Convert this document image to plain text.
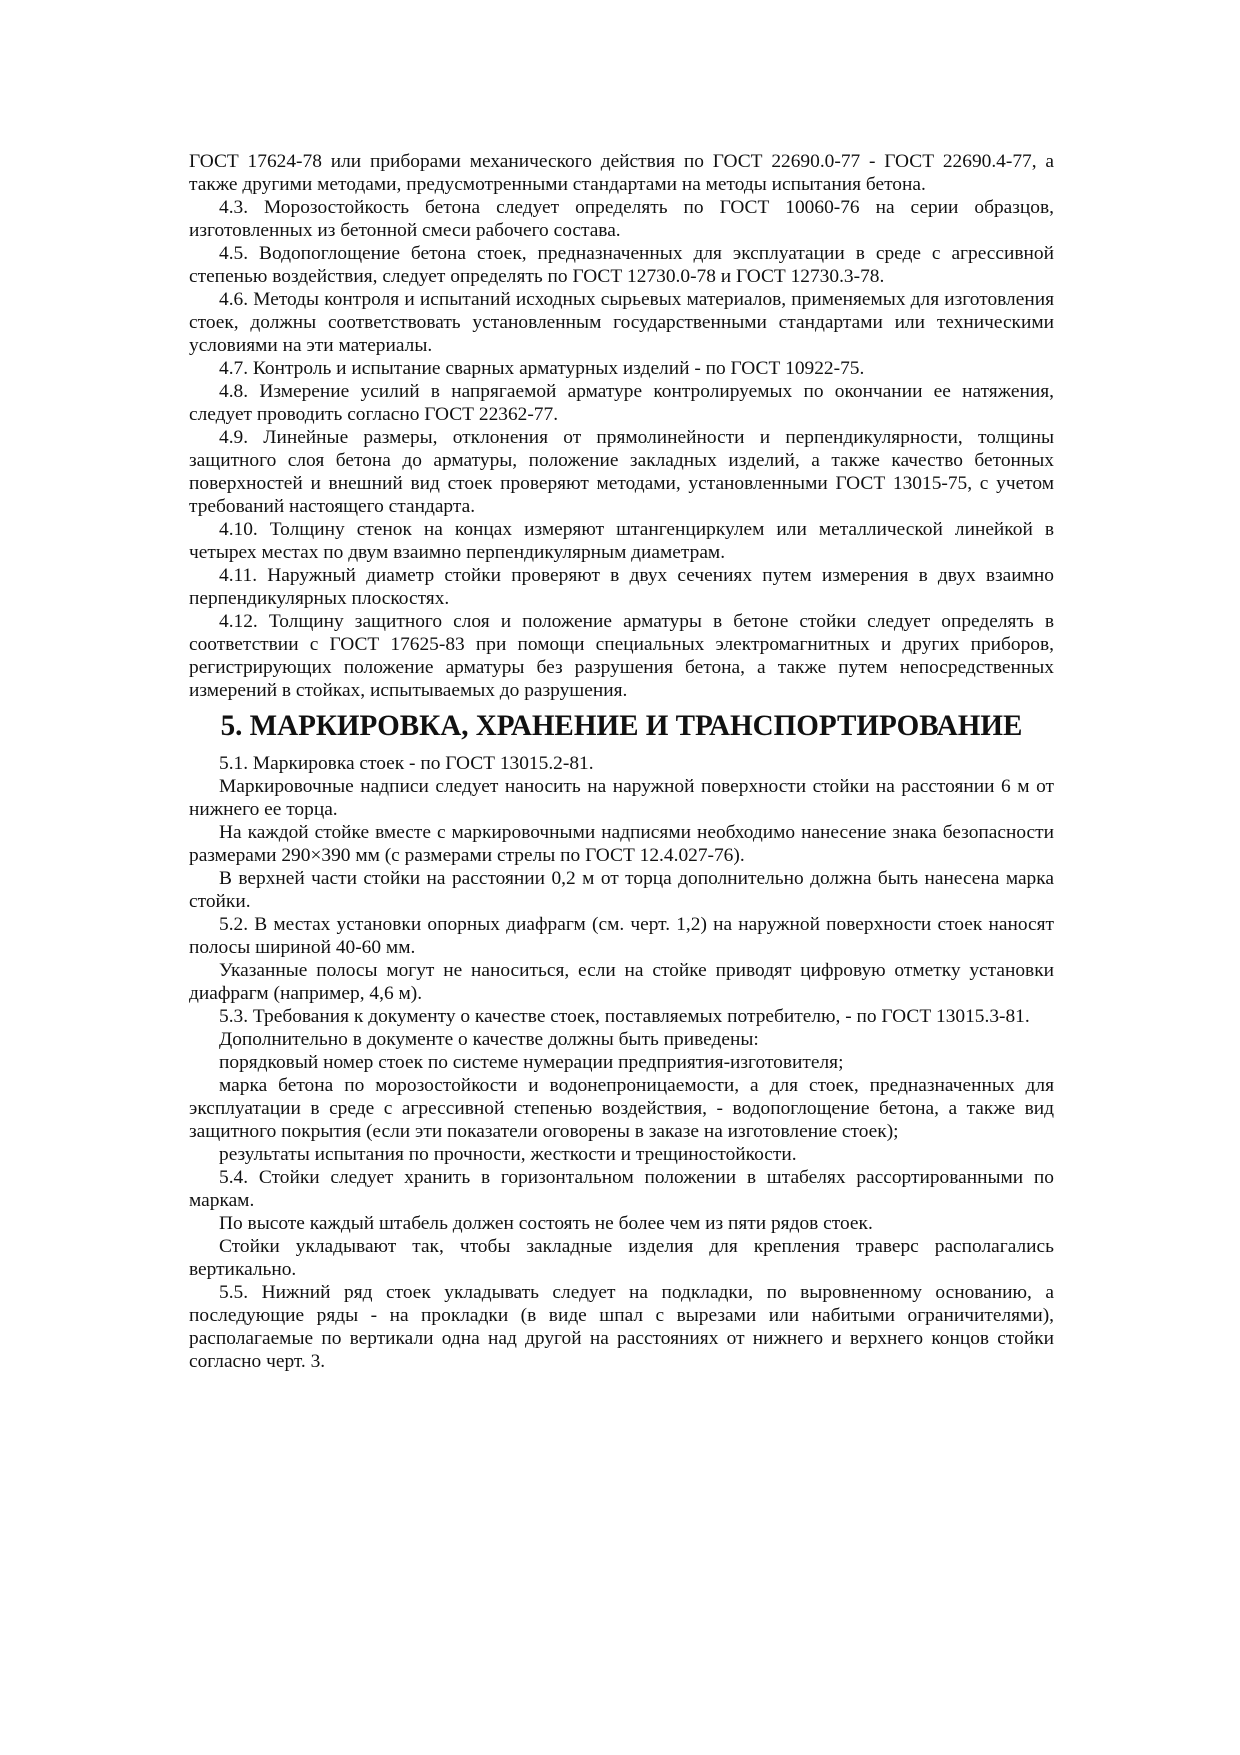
ГОСТ 17624-78 или приборами механического действия по ГОСТ 22690.0-77 - ГОСТ 22690.4-77, а также другими методами, предусмотренными стандартами на методы испытания бетона.

4.3. Морозостойкость бетона следует определять по ГОСТ 10060-76 на серии образцов, изготовленных из бетонной смеси рабочего состава.

4.5. Водопоглощение бетона стоек, предназначенных для эксплуатации в среде с агрессивной степенью воздействия, следует определять по ГОСТ 12730.0-78 и ГОСТ 12730.3-78.

4.6. Методы контроля и испытаний исходных сырьевых материалов, применяемых для изготовления стоек, должны соответствовать установленным государственными стандартами или техническими условиями на эти материалы.

4.7. Контроль и испытание сварных арматурных изделий - по ГОСТ 10922-75.

4.8. Измерение усилий в напрягаемой арматуре контролируемых по окончании ее натяжения, следует проводить согласно ГОСТ 22362-77.

4.9. Линейные размеры, отклонения от прямолинейности и перпендикулярности, толщины защитного слоя бетона до арматуры, положение закладных изделий, а также качество бетонных поверхностей и внешний вид стоек проверяют методами, установленными ГОСТ 13015-75, с учетом требований настоящего стандарта.

4.10. Толщину стенок на концах измеряют штангенциркулем или металлической линейкой в четырех местах по двум взаимно перпендикулярным диаметрам.

4.11. Наружный диаметр стойки проверяют в двух сечениях путем измерения в двух взаимно перпендикулярных плоскостях.

4.12. Толщину защитного слоя и положение арматуры в бетоне стойки следует определять в соответствии с ГОСТ 17625-83 при помощи специальных электромагнитных и других приборов, регистрирующих положение арматуры без разрушения бетона, а также путем непосредственных измерений в стойках, испытываемых до разрушения.

5. МАРКИРОВКА, ХРАНЕНИЕ И ТРАНСПОРТИРОВАНИЕ

5.1. Маркировка стоек - по ГОСТ 13015.2-81.

Маркировочные надписи следует наносить на наружной поверхности стойки на расстоянии 6 м от нижнего ее торца.

На каждой стойке вместе с маркировочными надписями необходимо нанесение знака безопасности размерами 290×390 мм (с размерами стрелы по ГОСТ 12.4.027-76).

В верхней части стойки на расстоянии 0,2 м от торца дополнительно должна быть нанесена марка стойки.

5.2. В местах установки опорных диафрагм (см. черт. 1,2) на наружной поверхности стоек наносят полосы шириной 40-60 мм.

Указанные полосы могут не наноситься, если на стойке приводят цифровую отметку установки диафрагм (например, 4,6 м).

5.3. Требования к документу о качестве стоек, поставляемых потребителю, - по ГОСТ 13015.3-81.

Дополнительно в документе о качестве должны быть приведены:

порядковый номер стоек по системе нумерации предприятия-изготовителя;

марка бетона по морозостойкости и водонепроницаемости, а для стоек, предназначенных для эксплуатации в среде с агрессивной степенью воздействия, - водопоглощение бетона, а также вид защитного покрытия (если эти показатели оговорены в заказе на изготовление стоек);

результаты испытания по прочности, жесткости и трещиностойкости.

5.4. Стойки следует хранить в горизонтальном положении в штабелях рассортированными по маркам.

По высоте каждый штабель должен состоять не более чем из пяти рядов стоек.

Стойки укладывают так, чтобы закладные изделия для крепления траверс располагались вертикально.

5.5. Нижний ряд стоек укладывать следует на подкладки, по выровненному основанию, а последующие ряды - на прокладки (в виде шпал с вырезами или набитыми ограничителями), располагаемые по вертикали одна над другой на расстояниях от нижнего и верхнего концов стойки согласно черт. 3.
